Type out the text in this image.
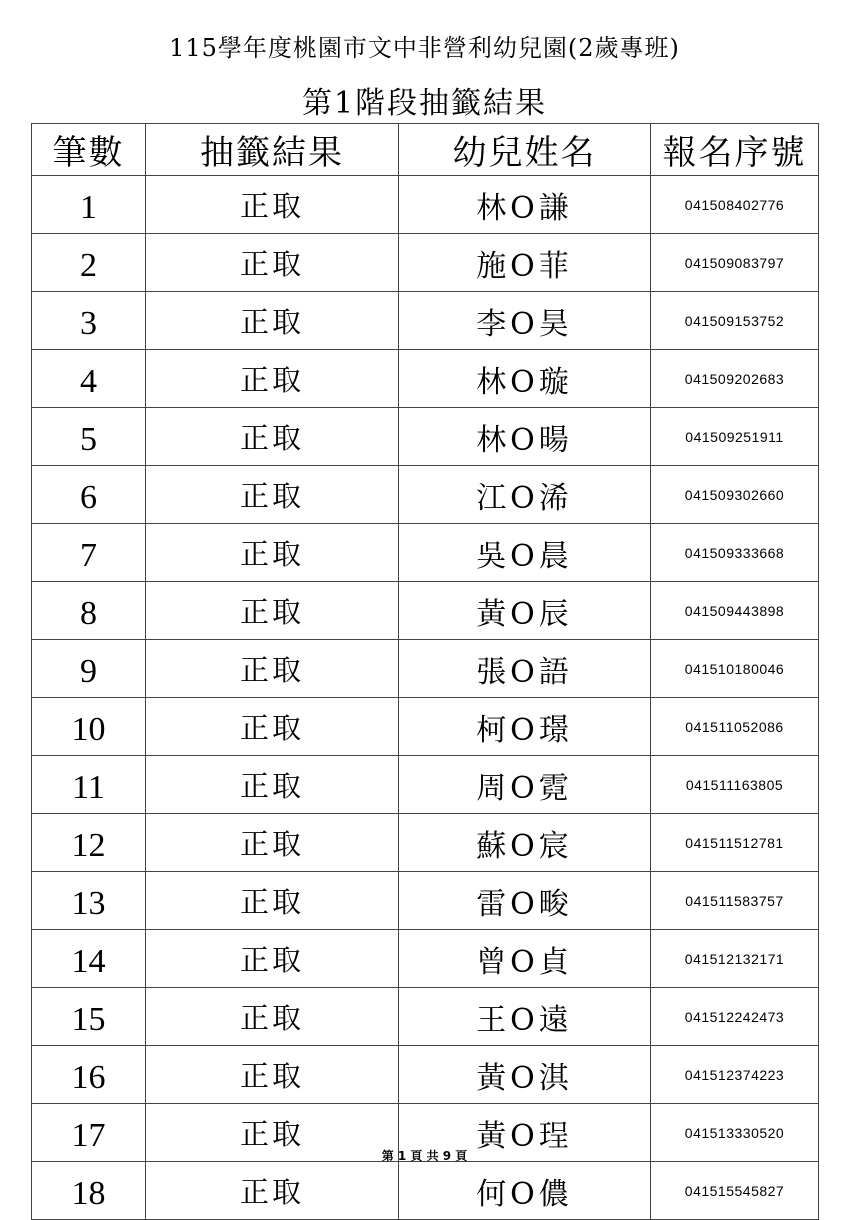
115學年度桃園市文中非營利幼兒園(2歲專班)
第1階段抽籤結果
筆數	抽籤結果	幼兒姓名	報名序號
1	正取	林O謙	041508402776
2	正取	施O菲	041509083797
3	正取	李O昊	041509153752
4	正取	林O璇	041509202683
5	正取	林O暘	041509251911
6	正取	江O浠	041509302660
7	正取	吳O晨	041509333668
8	正取	黃O辰	041509443898
9	正取	張O語	041510180046
10	正取	柯O璟	041511052086
11	正取	周O霓	041511163805
12	正取	蘇O宸	041511512781
13	正取	雷O畯	041511583757
14	正取	曾O貞	041512132171
15	正取	王O遠	041512242473
16	正取	黃O淇	041512374223
17	正取	黃O珵	041513330520
18	正取	何O儂	041515545827
第 1 頁 共 9 頁
